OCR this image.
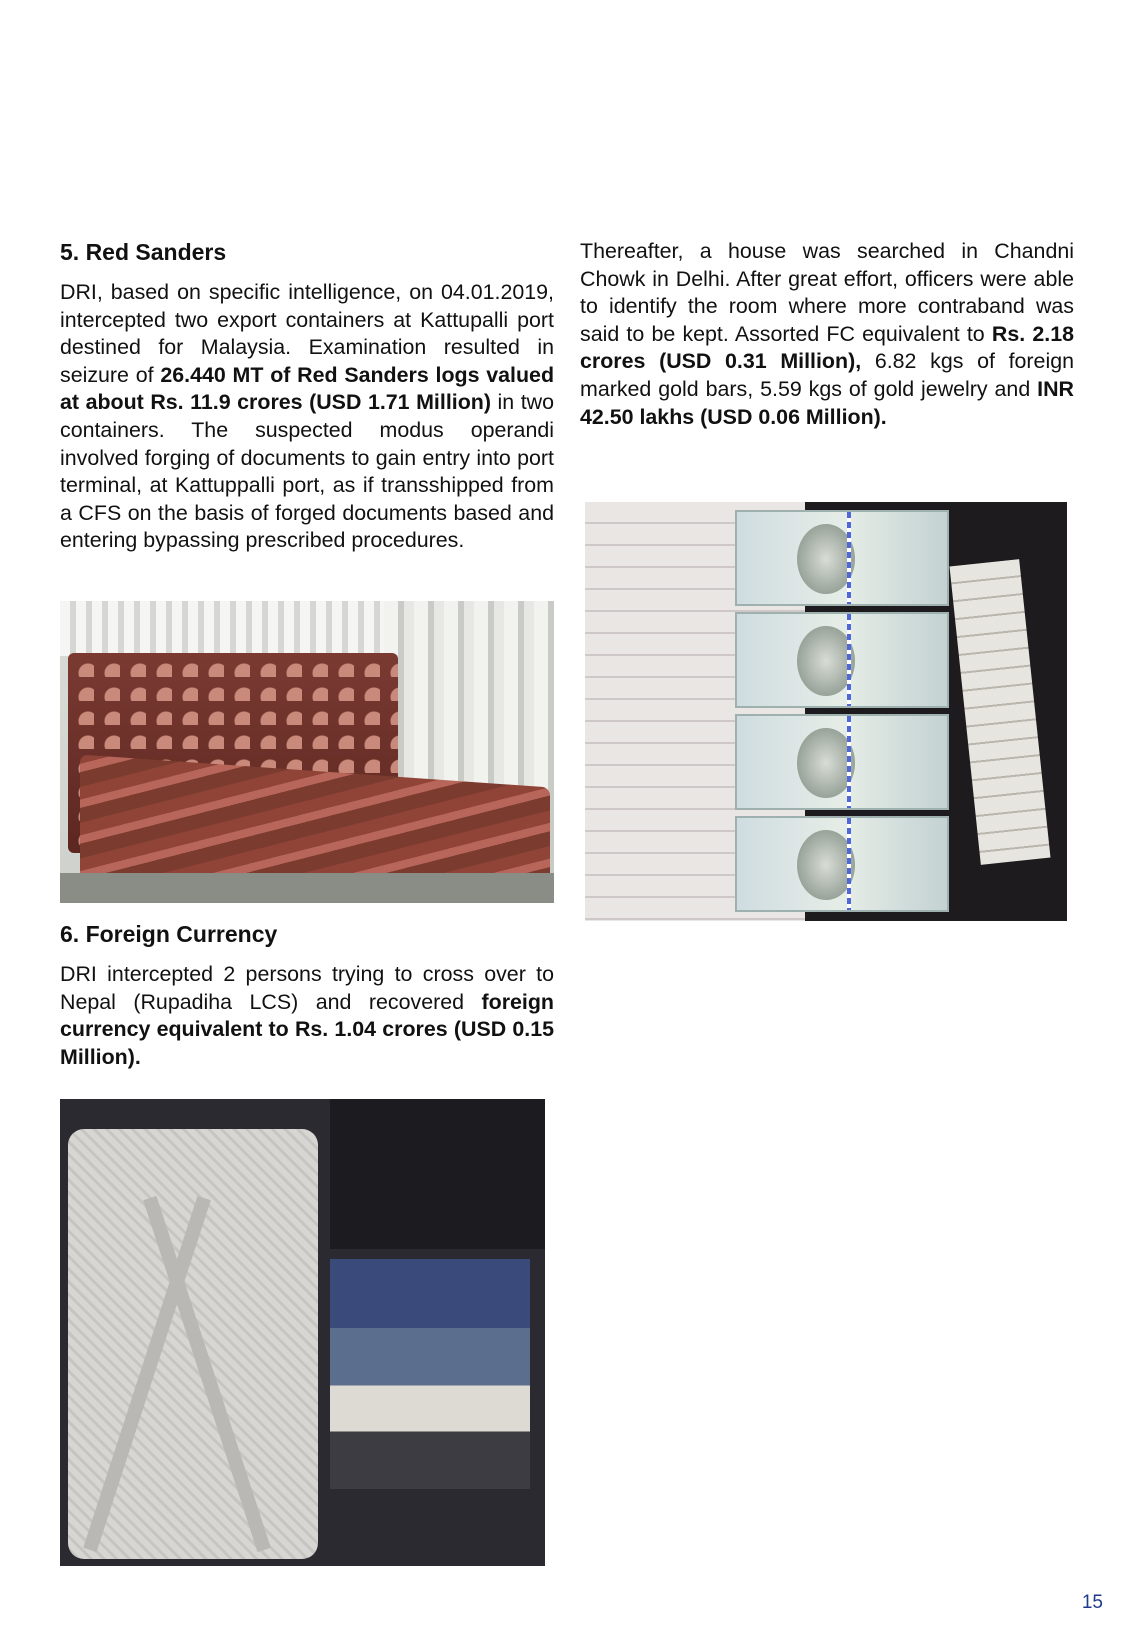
5. Red Sanders

DRI, based on specific intelligence, on 04.01.2019, intercepted two export containers at Kattupalli port destined for Malaysia. Examination resulted in seizure of 26.440 MT of Red Sanders logs valued at about Rs. 11.9 crores (USD 1.71 Million) in two containers. The suspected modus operandi involved forging of documents to gain entry into port terminal, at Kattuppalli port, as if transshipped from a CFS on the basis of forged documents based and entering bypassing prescribed procedures.

6. Foreign Currency

DRI intercepted 2 persons trying to cross over to Nepal (Rupadiha LCS) and recovered foreign currency equivalent to Rs. 1.04 crores (USD 0.15 Million).

Thereafter, a house was searched in Chandni Chowk in Delhi. After great effort, officers were able to identify the room where more contraband was said to be kept. Assorted FC equivalent to Rs. 2.18 crores (USD 0.31 Million), 6.82 kgs of foreign marked gold bars, 5.59 kgs of gold jewelry and INR 42.50 lakhs (USD 0.06 Million).

15
